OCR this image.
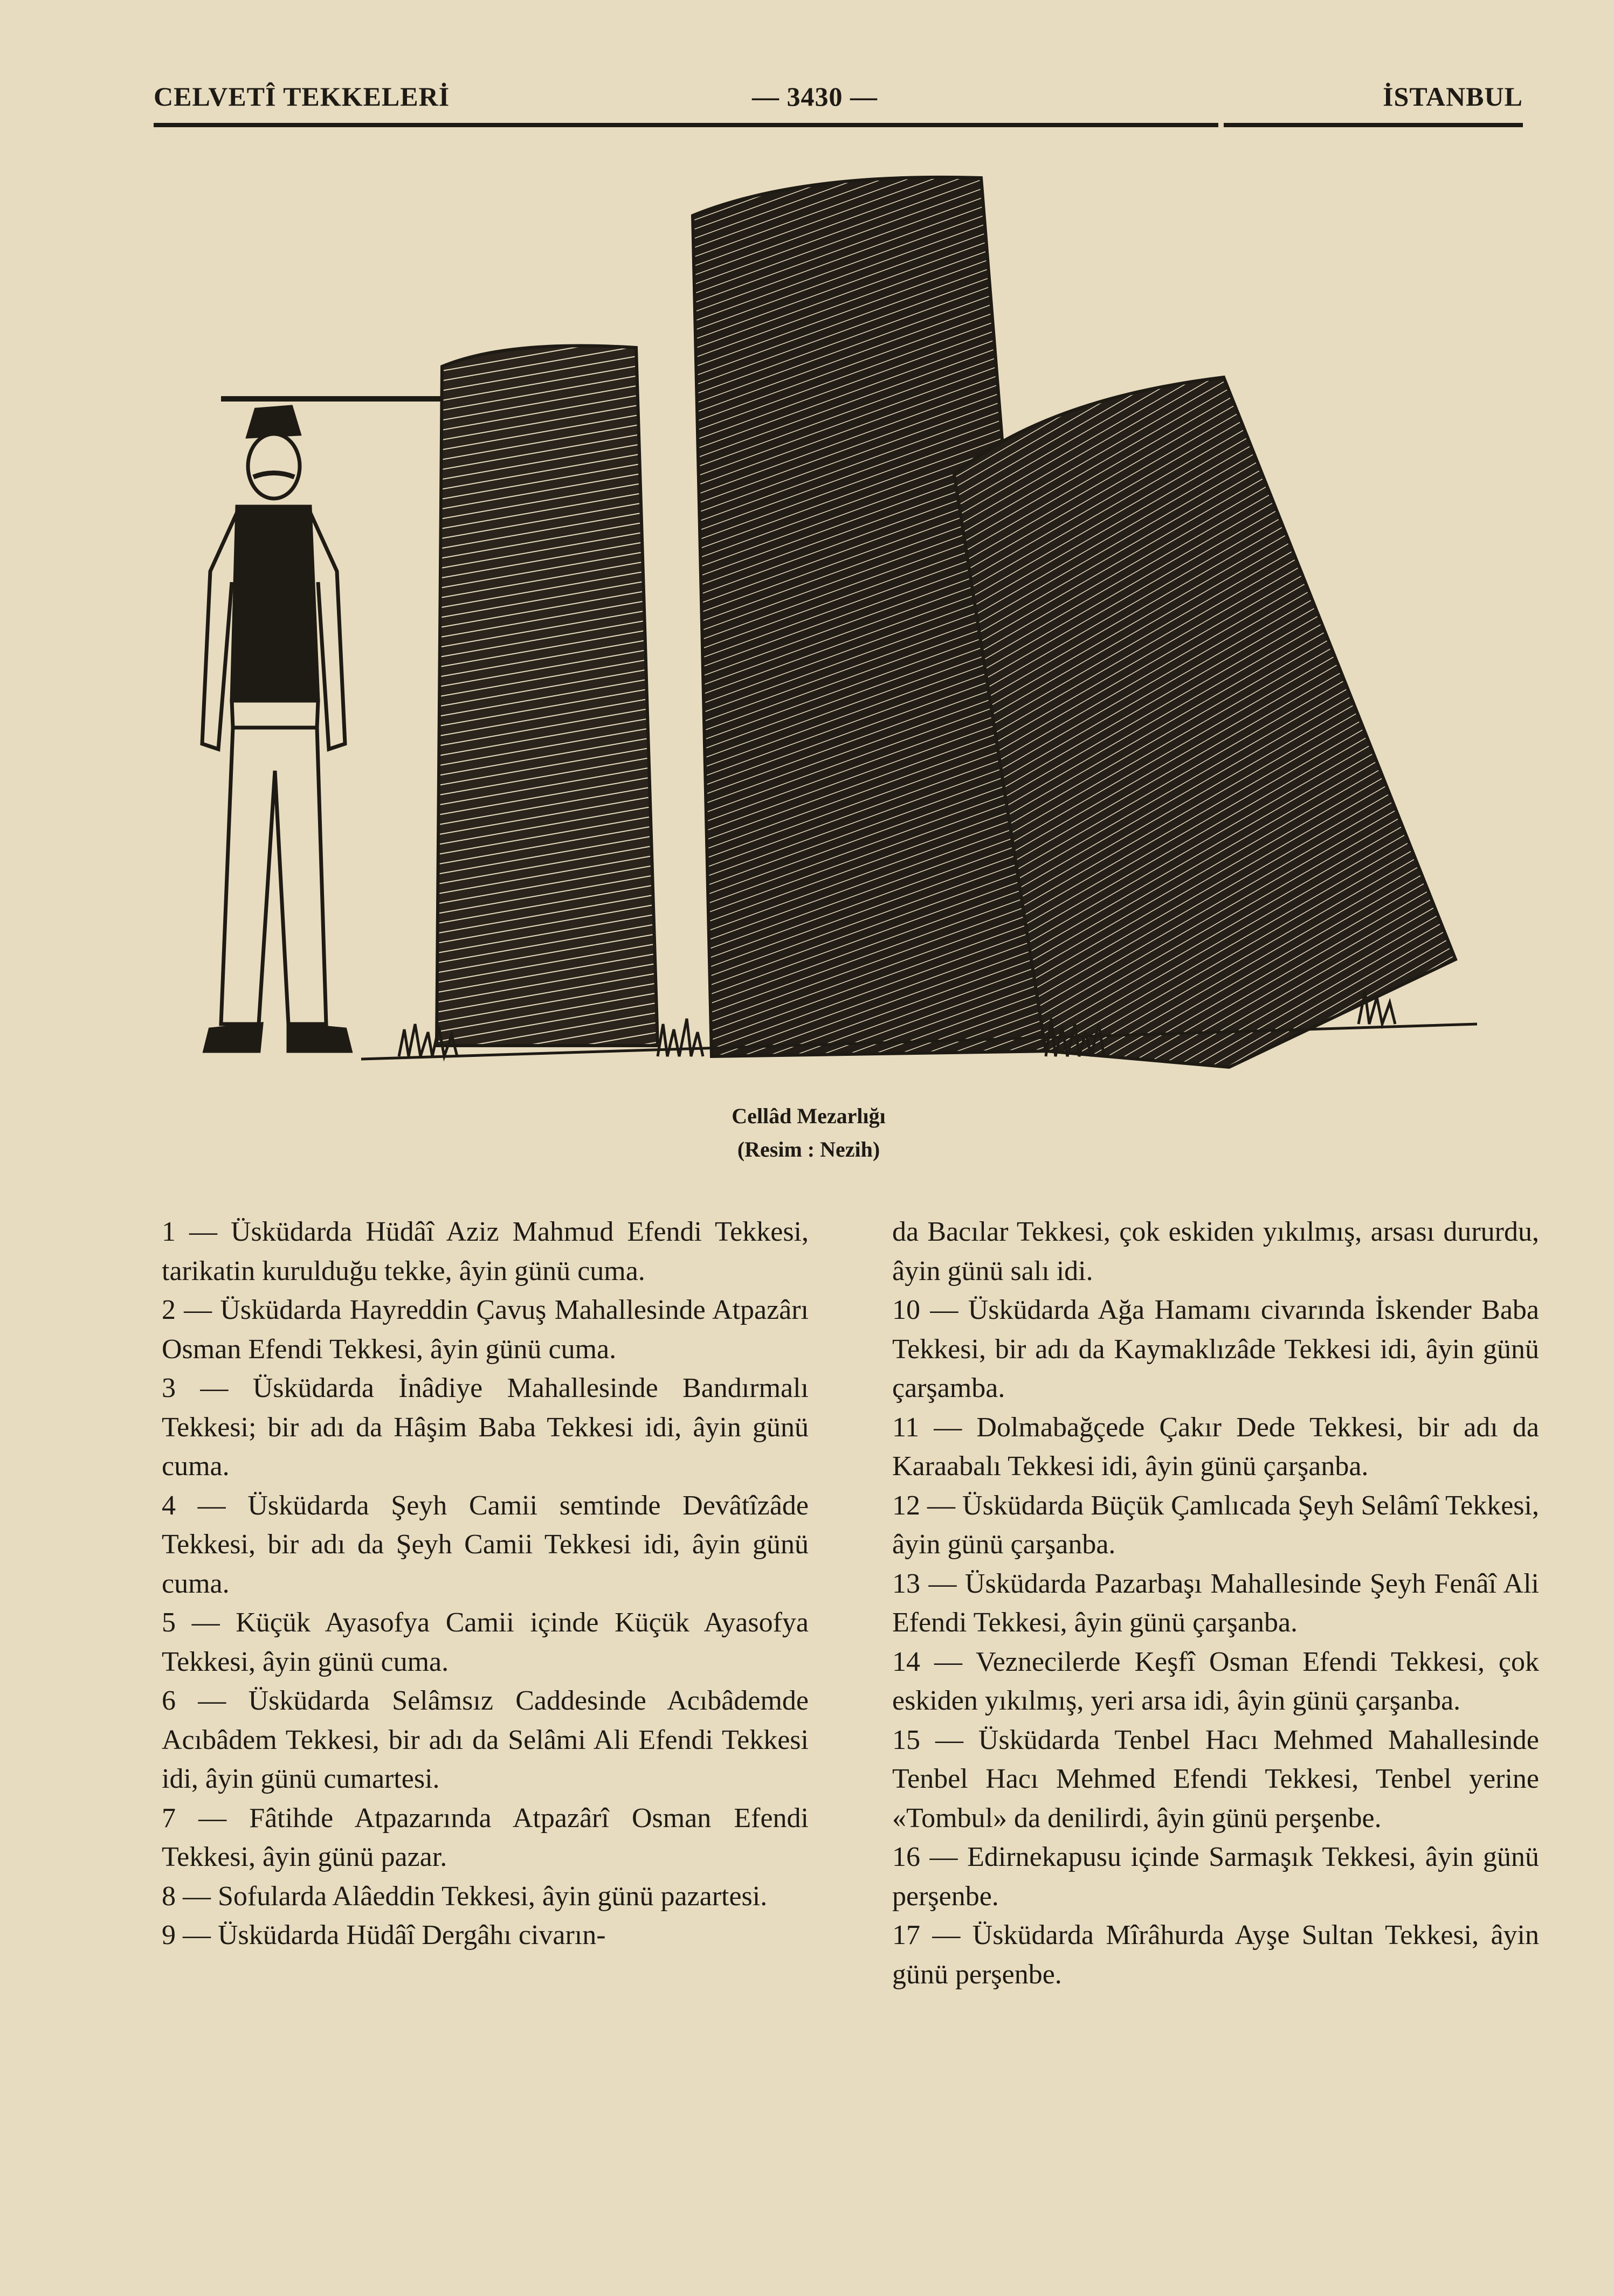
CELVETÎ TEKKELERİ	— 3430 —	İSTANBUL
Cellâd Mezarlığı
(Resim : Nezih)

1 — Üsküdarda Hüdâî Aziz Mahmud Efendi Tekkesi, tarikatin kurulduğu tekke, âyin günü cuma.

2 — Üsküdarda Hayreddin Çavuş Mahallesinde Atpazârı Osman Efendi Tekkesi, âyin günü cuma.

3 — Üsküdarda İnâdiye Mahallesinde Bandırmalı Tekkesi; bir adı da Hâşim Baba Tekkesi idi, âyin günü cuma.

4 — Üsküdarda Şeyh Camii semtinde Devâtîzâde Tekkesi, bir adı da Şeyh Camii Tekkesi idi, âyin günü cuma.

5 — Küçük Ayasofya Camii içinde Küçük Ayasofya Tekkesi, âyin günü cuma.

6 — Üsküdarda Selâmsız Caddesinde Acıbâdemde Acıbâdem Tekkesi, bir adı da Selâmi Ali Efendi Tekkesi idi, âyin günü cumartesi.

7 — Fâtihde Atpazarında Atpazârî Osman Efendi Tekkesi, âyin günü pazar.

8 — Sofularda Alâeddin Tekkesi, âyin günü pazartesi.

9 — Üsküdarda Hüdâî Dergâhı civarın-

da Bacılar Tekkesi, çok eskiden yıkılmış, arsası dururdu, âyin günü salı idi.

10 — Üsküdarda Ağa Hamamı civarında İskender Baba Tekkesi, bir adı da Kaymaklızâde Tekkesi idi, âyin günü çarşamba.

11 — Dolmabağçede Çakır Dede Tekkesi, bir adı da Karaabalı Tekkesi idi, âyin günü çarşanba.

12 — Üsküdarda Büçük Çamlıcada Şeyh Selâmî Tekkesi, âyin günü çarşanba.

13 — Üsküdarda Pazarbaşı Mahallesinde Şeyh Fenâî Ali Efendi Tekkesi, âyin günü çarşanba.

14 — Veznecilerde Keşfî Osman Efendi Tekkesi, çok eskiden yıkılmış, yeri arsa idi, âyin günü çarşanba.

15 — Üsküdarda Tenbel Hacı Mehmed Mahallesinde Tenbel Hacı Mehmed Efendi Tekkesi, Tenbel yerine «Tombul» da denilirdi, âyin günü perşenbe.

16 — Edirnekapusu içinde Sarmaşık Tekkesi, âyin günü perşenbe.

17 — Üsküdarda Mîrâhurda Ayşe Sultan Tekkesi, âyin günü perşenbe.
